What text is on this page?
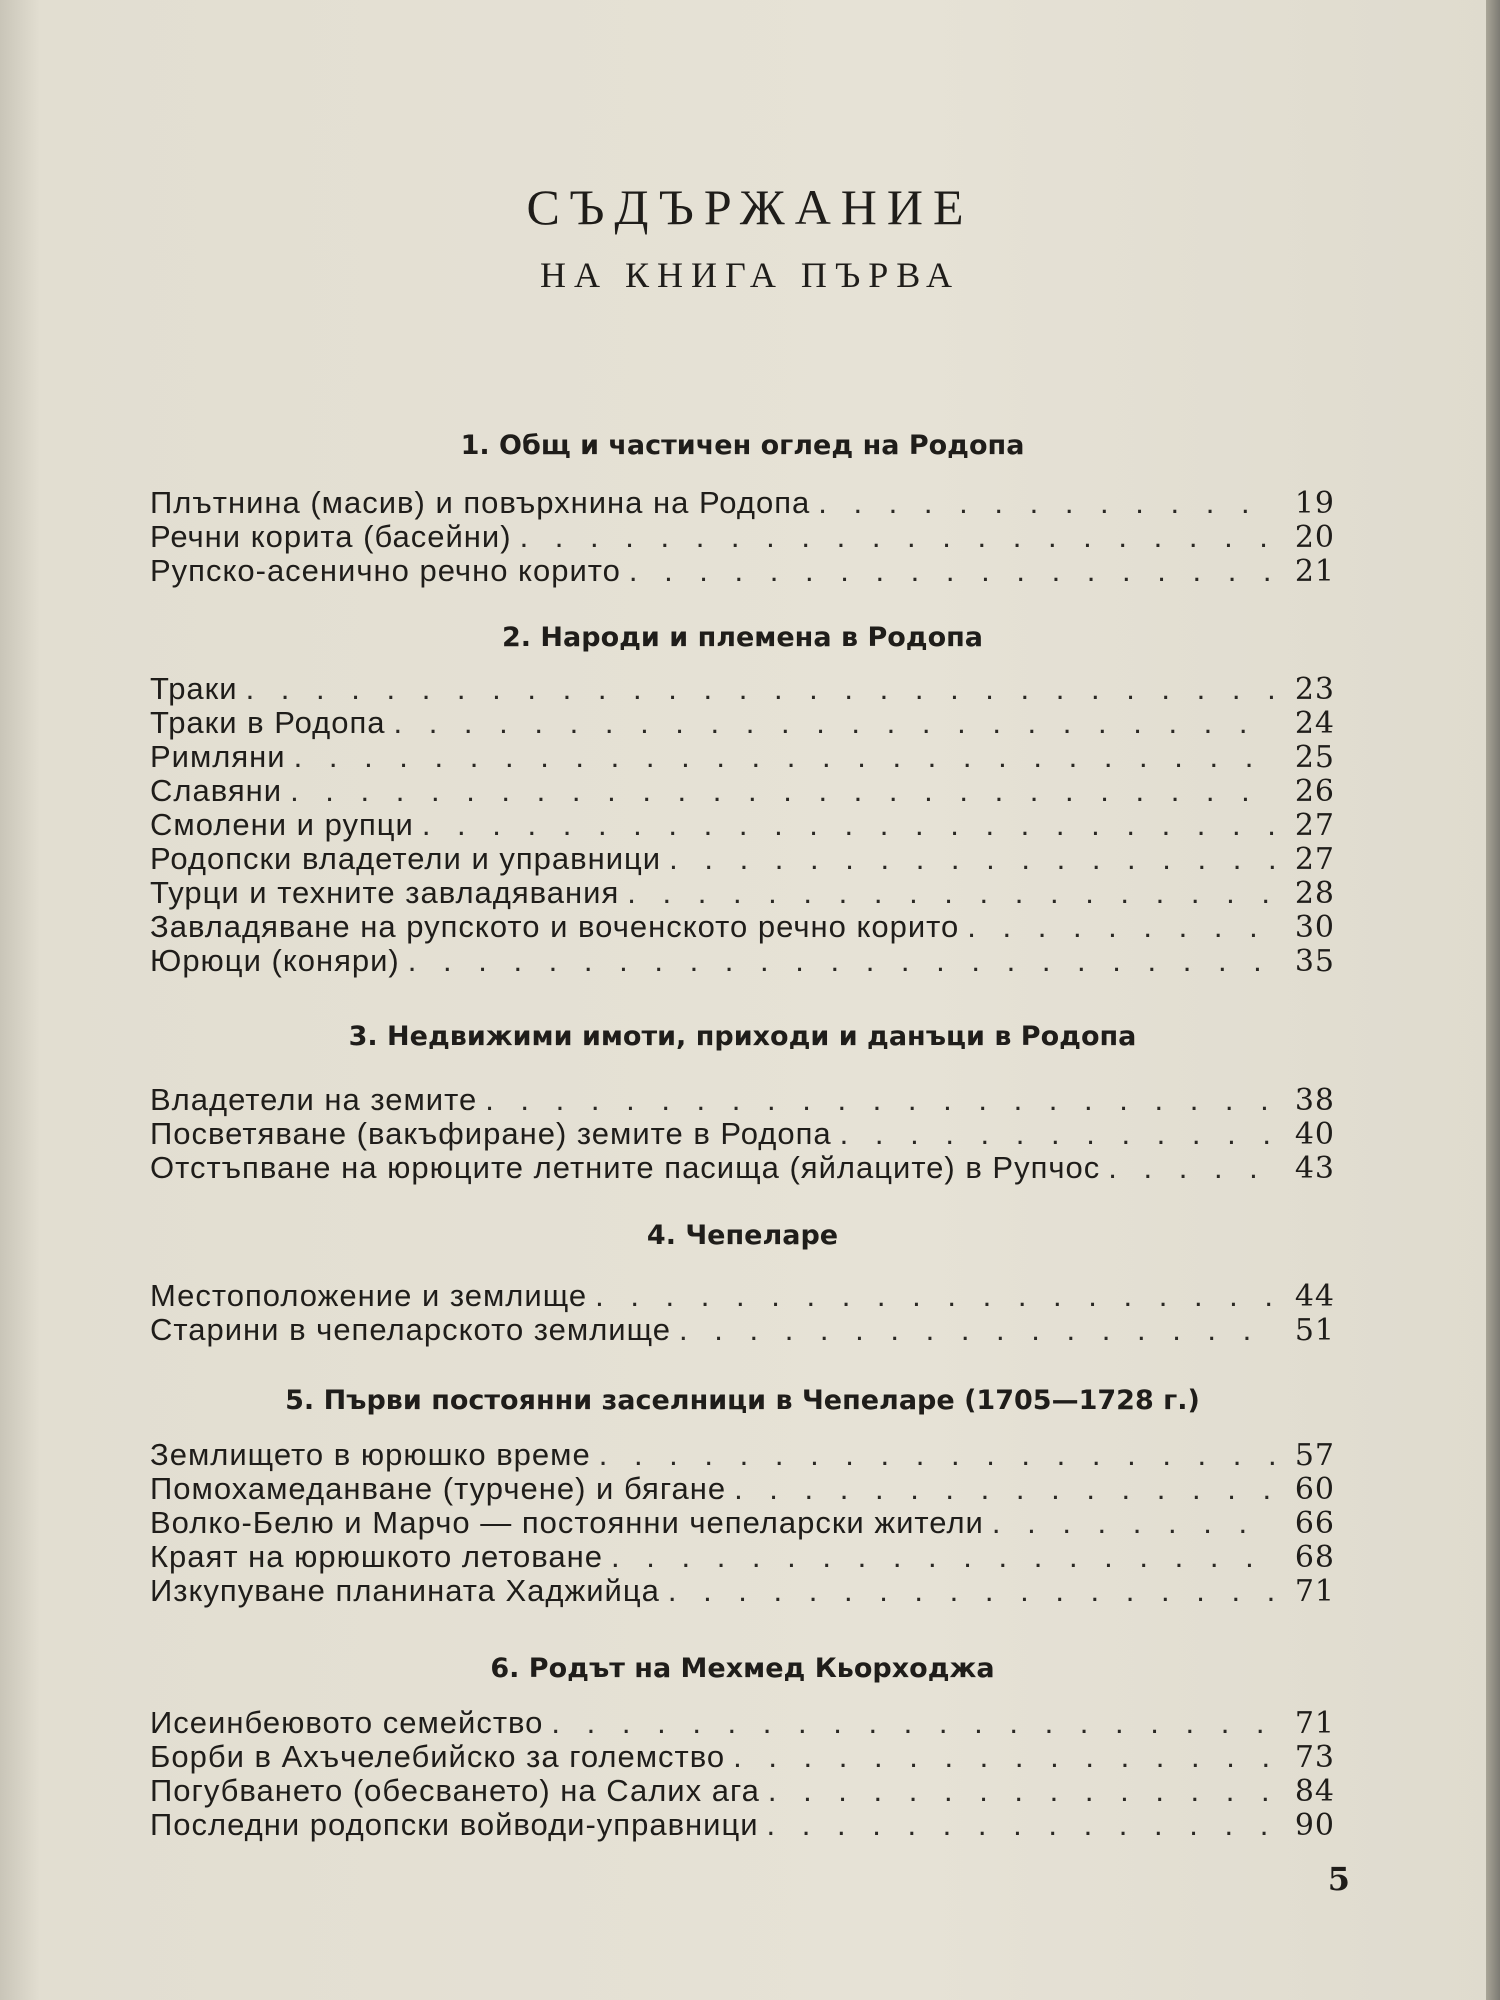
СЪДЪРЖАНИЕ
НА КНИГА ПЪРВА
1. Общ и частичен оглед на Родопа
Плътнина (масив) и повърхнина на Родопа . . .	19
Речни корита (басейни) . . .	20
Рупско-асенично речно корито . . .	21
2. Народи и племена в Родопа
Траки . . .	23
Траки в Родопа . . .	24
Римляни . . .	25
Славяни . . .	26
Смолени и рупци . . .	27
Родопски владетели и управници . . .	27
Турци и техните завладявания . . .	28
Завладяване на рупското и воченското речно корито . . .	30
Юрюци (коняри) . . .	35
3. Недвижими имоти, приходи и данъци в Родопа
Владетели на земите . . .	38
Посветяване (вакъфиране) земите в Родопа . . .	40
Отстъпване на юрюците летните пасища (яйлаците) в Рупчос . . .	43
4. Чепеларе
Местоположение и землище . . .	44
Старини в чепеларското землище . . .	51
5. Първи постоянни заселници в Чепеларе (1705—1728 г.)
Землището в юрюшко време . . .	57
Помохамеданване (турчене) и бягане . . .	60
Волко-Белю и Марчо — постоянни чепеларски жители . . .	66
Краят на юрюшкото летоване . . .	68
Изкупуване планината Хаджийца . . .	71
6. Родът на Мехмед Кьорходжа
Исеинбеювото семейство . . .	71
Борби в Ахъчелебийско за големство . . .	73
Погубването (обесването) на Салих ага . . .	84
Последни родопски войводи-управници . . .	90
5
